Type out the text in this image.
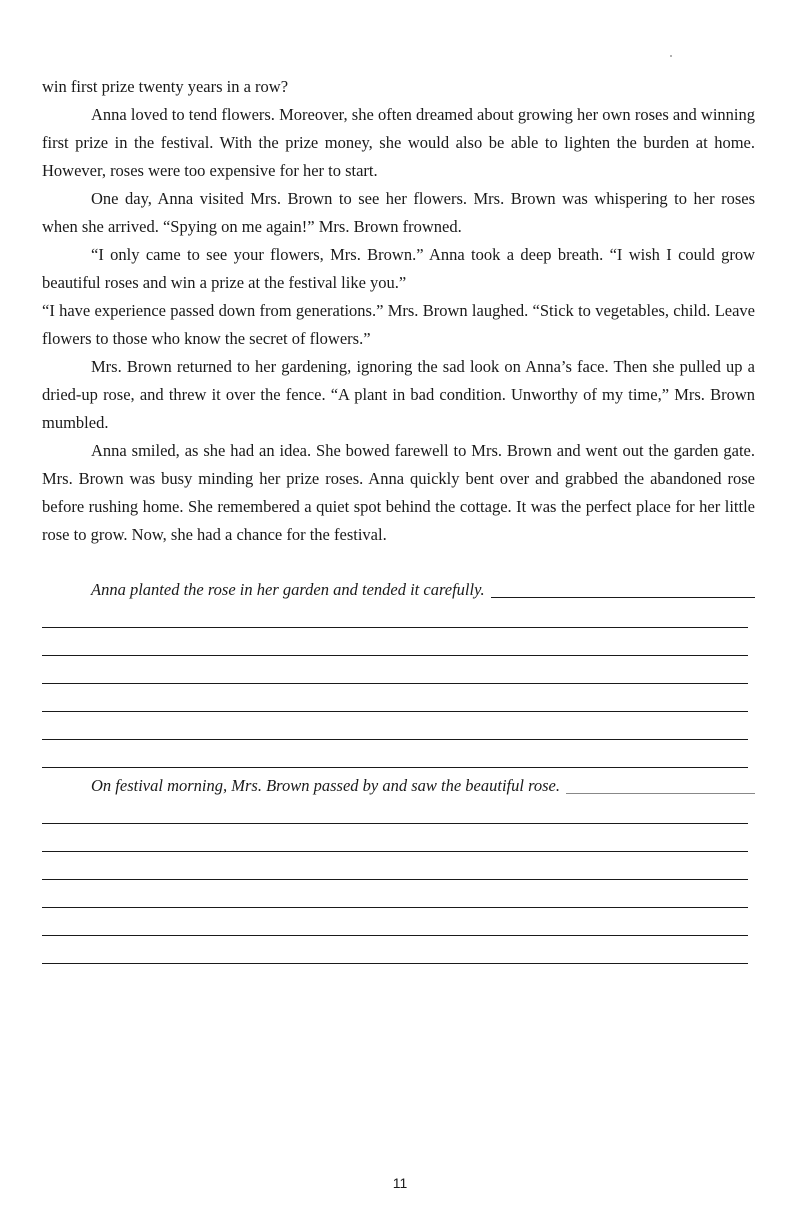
win first prize twenty years in a row?

Anna loved to tend flowers. Moreover, she often dreamed about growing her own roses and winning first prize in the festival. With the prize money, she would also be able to lighten the burden at home. However, roses were too expensive for her to start.

One day, Anna visited Mrs. Brown to see her flowers. Mrs. Brown was whispering to her roses when she arrived. “Spying on me again!” Mrs. Brown frowned.

“I only came to see your flowers, Mrs. Brown.” Anna took a deep breath. “I wish I could grow beautiful roses and win a prize at the festival like you.”

“I have experience passed down from generations.” Mrs. Brown laughed. “Stick to vegetables, child. Leave flowers to those who know the secret of flowers.”

Mrs. Brown returned to her gardening, ignoring the sad look on Anna’s face. Then she pulled up a dried-up rose, and threw it over the fence. “A plant in bad condition. Unworthy of my time,” Mrs. Brown mumbled.

Anna smiled, as she had an idea. She bowed farewell to Mrs. Brown and went out the garden gate. Mrs. Brown was busy minding her prize roses. Anna quickly bent over and grabbed the abandoned rose before rushing home. She remembered a quiet spot behind the cottage. It was the perfect place for her little rose to grow. Now, she had a chance for the festival.

Anna planted the rose in her garden and tended it carefully.
On festival morning, Mrs. Brown passed by and saw the beautiful rose.
11
